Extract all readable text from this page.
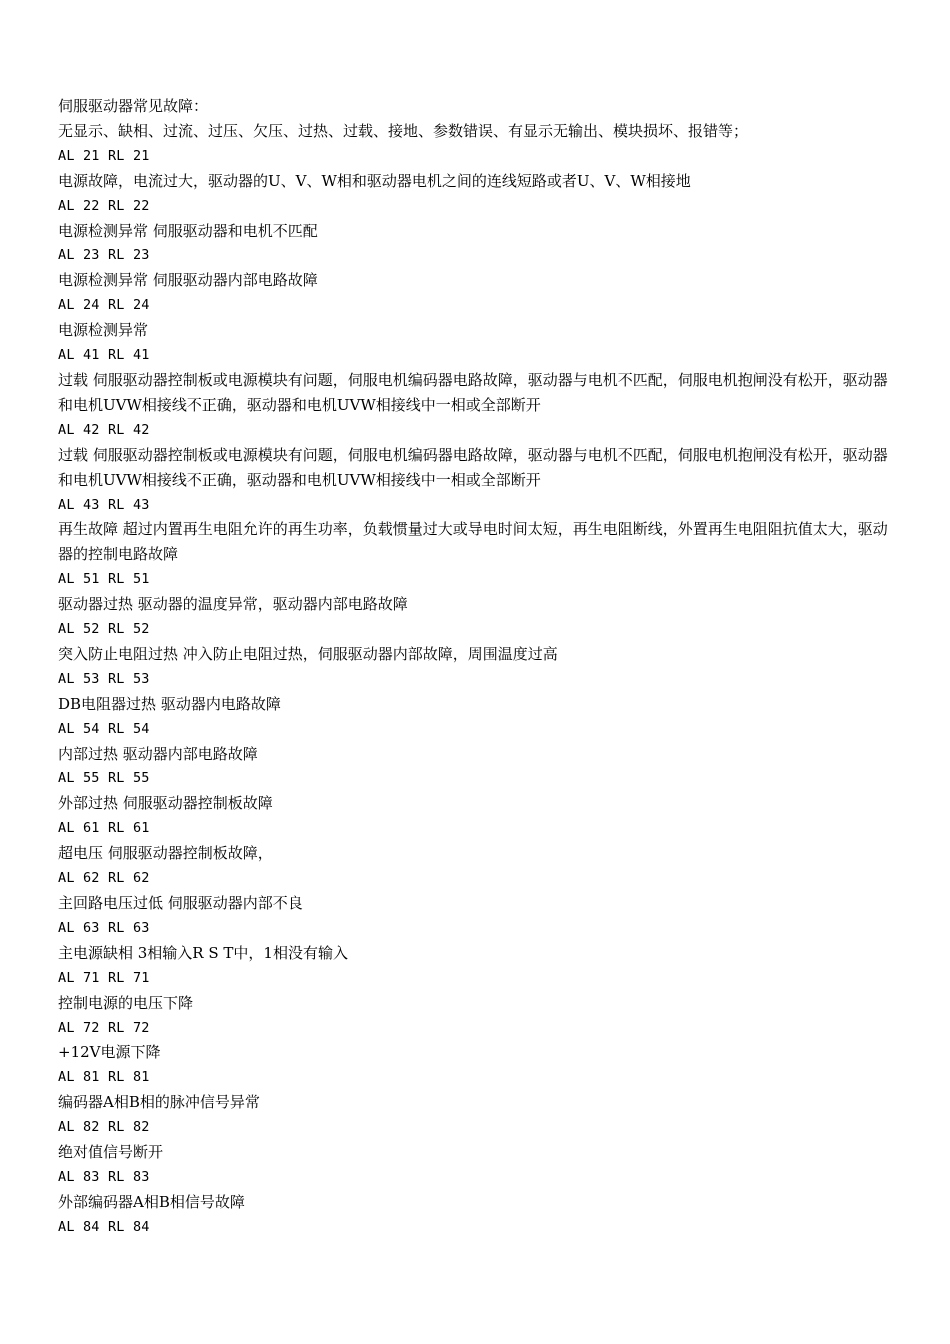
伺服驱动器常见故障：

无显示、缺相、过流、过压、欠压、过热、过载、接地、参数错误、有显示无输出、模块损坏、报错等；

AL 21 RL 21

电源故障，电流过大，驱动器的U、V、W相和驱动器电机之间的连线短路或者U、V、W相接地

AL 22 RL 22

电源检测异常 伺服驱动器和电机不匹配

AL 23 RL 23

电源检测异常 伺服驱动器内部电路故障

AL 24 RL 24

电源检测异常

AL 41 RL 41

过载 伺服驱动器控制板或电源模块有问题，伺服电机编码器电路故障，驱动器与电机不匹配，伺服电机抱闸没有松开，驱动器和电机UVW相接线不正确，驱动器和电机UVW相接线中一相或全部断开

AL 42 RL 42

过载 伺服驱动器控制板或电源模块有问题，伺服电机编码器电路故障，驱动器与电机不匹配，伺服电机抱闸没有松开，驱动器和电机UVW相接线不正确，驱动器和电机UVW相接线中一相或全部断开

AL 43 RL 43

再生故障 超过内置再生电阻允许的再生功率，负载惯量过大或导电时间太短，再生电阻断线，外置再生电阻阻抗值太大，驱动器的控制电路故障

AL 51 RL 51

驱动器过热 驱动器的温度异常，驱动器内部电路故障

AL 52 RL 52

突入防止电阻过热 冲入防止电阻过热，伺服驱动器内部故障，周围温度过高

AL 53 RL 53

DB电阻器过热 驱动器内电路故障

AL 54 RL 54

内部过热 驱动器内部电路故障

AL 55 RL 55

外部过热 伺服驱动器控制板故障

AL 61 RL 61

超电压 伺服驱动器控制板故障，

AL 62 RL 62

主回路电压过低 伺服驱动器内部不良

AL 63 RL 63

主电源缺相 3相输入R S T中，1相没有输入

AL 71 RL 71

控制电源的电压下降

AL 72 RL 72

+12V电源下降

AL 81 RL 81

编码器A相B相的脉冲信号异常

AL 82 RL 82

绝对值信号断开

AL 83 RL 83

外部编码器A相B相信号故障

AL 84 RL 84
